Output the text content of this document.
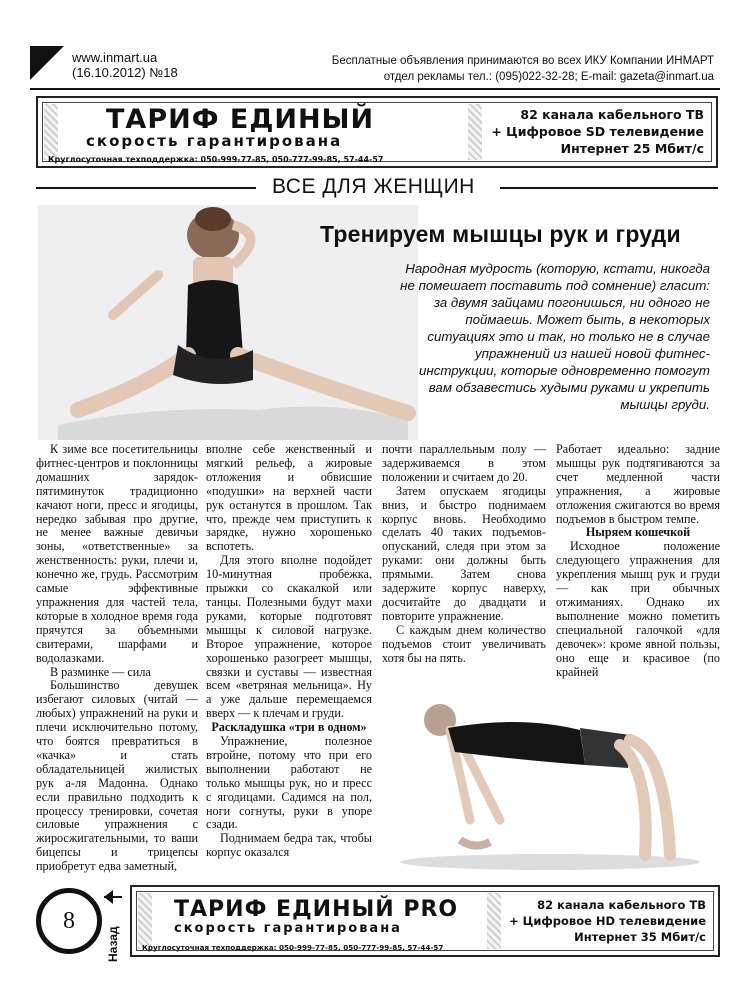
www.inmart.ua
(16.10.2012) №18
Бесплатные объявления принимаются во всех ИКУ Компании ИНМАРТ
отдел рекламы тел.: (095)022-32-28; E-mail: gazeta@inmart.ua
ТАРИФ ЕДИНЫЙ
скорость гарантирована
Круглосуточная техподдержка: 050-999-77-85, 050-777-99-85, 57-44-57
82 канала кабельного ТВ
+ Цифровое SD телевидение
Интернет 25 Мбит/с
ВСЕ ДЛЯ ЖЕНЩИН
Тренируем мышцы рук и груди
Народная мудрость (которую, кстати, никогда не помешает поставить под сомнение) гласит: за двумя зайцами погонишься, ни одного не поймаешь. Может быть, в некоторых ситуациях это и так, но только не в случае упражнений из нашей новой фитнес-инструкции, которые одновременно помогут вам обзавестись худыми руками и укрепить мышцы груди.

К зиме все посетительницы фитнес-центров и поклонницы домашних зарядок-пятиминуток традиционно качают ноги, пресс и ягодицы, нередко забывая про другие, не менее важные девичьи зоны, «ответственные» за женственность: руки, плечи и, конечно же, грудь. Рассмотрим самые эффективные упражнения для частей тела, которые в холодное время года прячутся за объемными свитерами, шарфами и водолазками.

В разминке — сила

Большинство девушек избегают силовых (читай — любых) упражнений на руки и плечи исключительно потому, что боятся превратиться в «качка» и стать обладательницей жилистых рук а-ля Мадонна. Однако если правильно подходить к процессу тренировки, сочетая силовые упражнения с жиросжигательными, то ваши бицепсы и трицепсы приобретут едва заметный,

вполне себе женственный и мягкий рельеф, а жировые отложения и обвисшие «подушки» на верхней части рук останутся в прошлом. Так что, прежде чем приступить к зарядке, нужно хорошенько вспотеть.

Для этого вполне подойдет 10-минутная пробежка, прыжки со скакалкой или танцы. Полезными будут махи руками, которые подготовят мышцы к силовой нагрузке. Второе упражнение, которое хорошенько разогреет мышцы, связки и суставы — известная всем «ветряная мельница». Ну а уже дальше перемещаемся вверх — к плечам и груди.

Раскладушка «три в одном»

Упражнение, полезное втройне, потому что при его выполнении работают не только мышцы рук, но и пресс с ягодицами. Садимся на пол, ноги согнуты, руки в упоре сзади.

Поднимаем бедра так, чтобы корпус оказался

почти параллельным полу — задерживаемся в этом положении и считаем до 20.

Затем опускаем ягодицы вниз, и быстро поднимаем корпус вновь. Необходимо сделать 40 таких подъемов-опусканий, следя при этом за руками: они должны быть прямыми. Затем снова задержите корпус наверху, досчитайте до двадцати и повторите упражнение.

С каждым днем количество подъемов стоит увеличивать хотя бы на пять.

Работает идеально: задние мышцы рук подтягиваются за счет медленной части упражнения, а жировые отложения сжигаются во время подъемов в быстром темпе.

Ныряем кошечкой

Исходное положение следующего упражнения для укрепления мышц рук и груди — как при обычных отжиманиях. Однако их выполнение можно пометить специальной галочкой «для девочек»: кроме явной пользы, оно еще и красивое (по крайней

ТАРИФ ЕДИНЫЙ PRO
скорость гарантирована
Круглосуточная техподдержка: 050-999-77-85, 050-777-99-85, 57-44-57
82 канала кабельного ТВ
+ Цифровое HD телевидение
Интернет 35 Мбит/с
8
Назад
